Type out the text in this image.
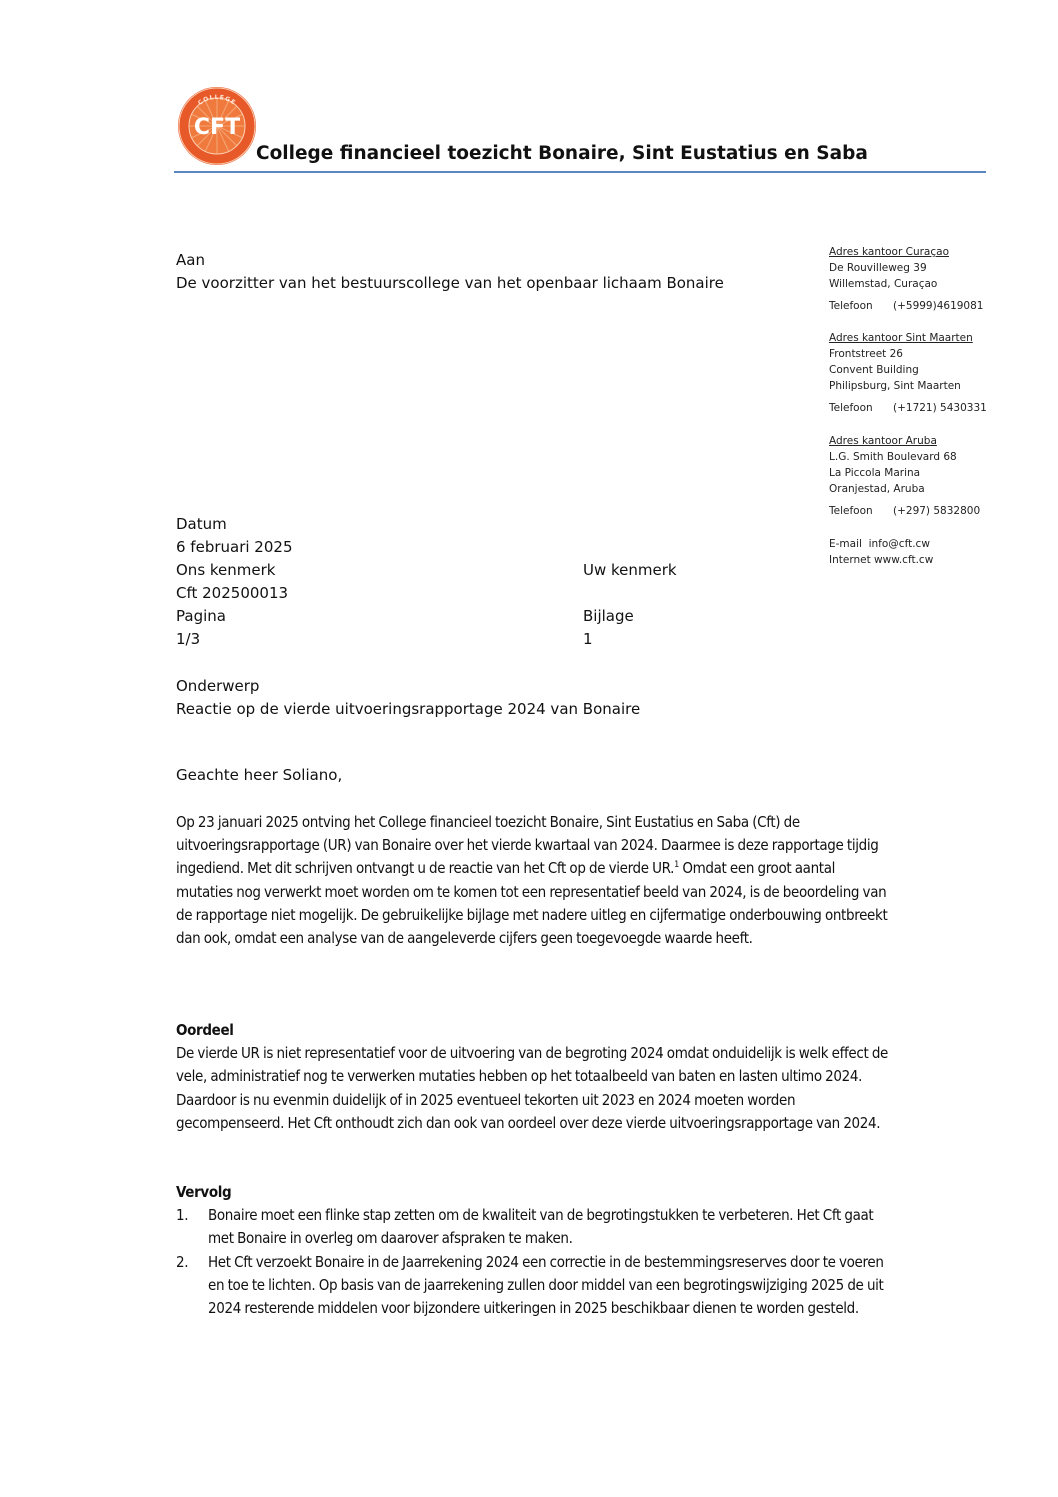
CFT
COLLEGE
College financieel toezicht Bonaire, Sint Eustatius en Saba
Aan
De voorzitter van het bestuurscollege van het openbaar lichaam Bonaire
Adres kantoor Curaçao
De Rouvilleweg 39
Willemstad, Curaçao
Telefoon (+5999)4619081
Adres kantoor Sint Maarten
Frontstreet 26
Convent Building
Philipsburg, Sint Maarten
Telefoon (+1721) 5430331
Adres kantoor Aruba
L.G. Smith Boulevard 68
La Piccola Marina
Oranjestad, Aruba
Telefoon (+297) 5832800
E-mail info@cft.cw
Internet www.cft.cw
Datum
6 februari 2025
Ons kenmerk
Cft 202500013
Pagina
1/3
Uw kenmerk
Bijlage
1
Onderwerp
Reactie op de vierde uitvoeringsrapportage 2024 van Bonaire
Geachte heer Soliano,

Op 23 januari 2025 ontving het College financieel toezicht Bonaire, Sint Eustatius en Saba (Cft) de uitvoeringsrapportage (UR) van Bonaire over het vierde kwartaal van 2024. Daarmee is deze rapportage tijdig ingediend. Met dit schrijven ontvangt u de reactie van het Cft op de vierde UR.$^1$ Omdat een groot aantal mutaties nog verwerkt moet worden om te komen tot een representatief beeld van 2024, is de beoordeling van de rapportage niet mogelijk. De gebruikelijke bijlage met nadere uitleg en cijfermatige onderbouwing ontbreekt dan ook, omdat een analyse van de aangeleverde cijfers geen toegevoegde waarde heeft.

Oordeel

De vierde UR is niet representatief voor de uitvoering van de begroting 2024 omdat onduidelijk is welk effect de vele, administratief nog te verwerken mutaties hebben op het totaalbeeld van baten en lasten ultimo 2024. Daardoor is nu evenmin duidelijk of in 2025 eventueel tekorten uit 2023 en 2024 moeten worden gecompenseerd. Het Cft onthoudt zich dan ook van oordeel over deze vierde uitvoeringsrapportage van 2024.

Vervolg

1. Bonaire moet een flinke stap zetten om de kwaliteit van de begrotingstukken te verbeteren. Het Cft gaat met Bonaire in overleg om daarover afspraken te maken.
2. Het Cft verzoekt Bonaire in de Jaarrekening 2024 een correctie in de bestemmingsreserves door te voeren en toe te lichten. Op basis van de jaarrekening zullen door middel van een begrotingswijziging 2025 de uit 2024 resterende middelen voor bijzondere uitkeringen in 2025 beschikbaar dienen te worden gesteld.
